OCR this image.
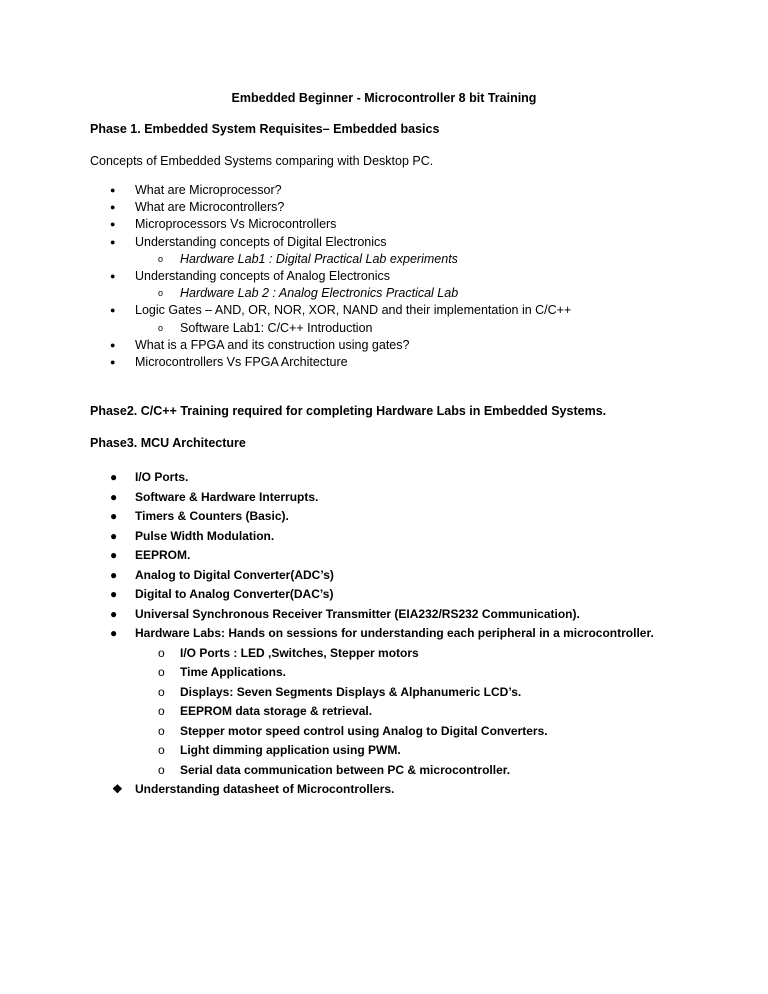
Embedded Beginner - Microcontroller 8 bit Training
Phase 1. Embedded System Requisites– Embedded basics
Concepts of Embedded Systems comparing with Desktop PC.
● What are Microprocessor?
● What are Microcontrollers?
● Microprocessors Vs Microcontrollers
● Understanding concepts of Digital Electronics
o Hardware Lab1 : Digital Practical Lab experiments
● Understanding concepts of Analog Electronics
o Hardware Lab 2 : Analog Electronics Practical Lab
● Logic Gates – AND, OR, NOR, XOR, NAND and their implementation in C/C++
o Software Lab1: C/C++ Introduction
● What is a FPGA and its construction using gates?
● Microcontrollers Vs FPGA Architecture
Phase2. C/C++ Training required for completing Hardware Labs in Embedded Systems.
Phase3. MCU Architecture
● I/O Ports.
● Software & Hardware Interrupts.
● Timers & Counters (Basic).
● Pulse Width Modulation.
● EEPROM.
● Analog to Digital Converter(ADC’s)
● Digital to Analog Converter(DAC’s)
● Universal Synchronous Receiver Transmitter (EIA232/RS232 Communication).
● Hardware Labs: Hands on sessions for understanding each peripheral in a microcontroller.
o I/O Ports : LED ,Switches, Stepper motors
o Time Applications.
o Displays: Seven Segments Displays & Alphanumeric LCD’s.
o EEPROM data storage & retrieval.
o Stepper motor speed control using Analog to Digital Converters.
o Light dimming application using PWM.
o Serial data communication between PC & microcontroller.
❖ Understanding datasheet of Microcontrollers.
